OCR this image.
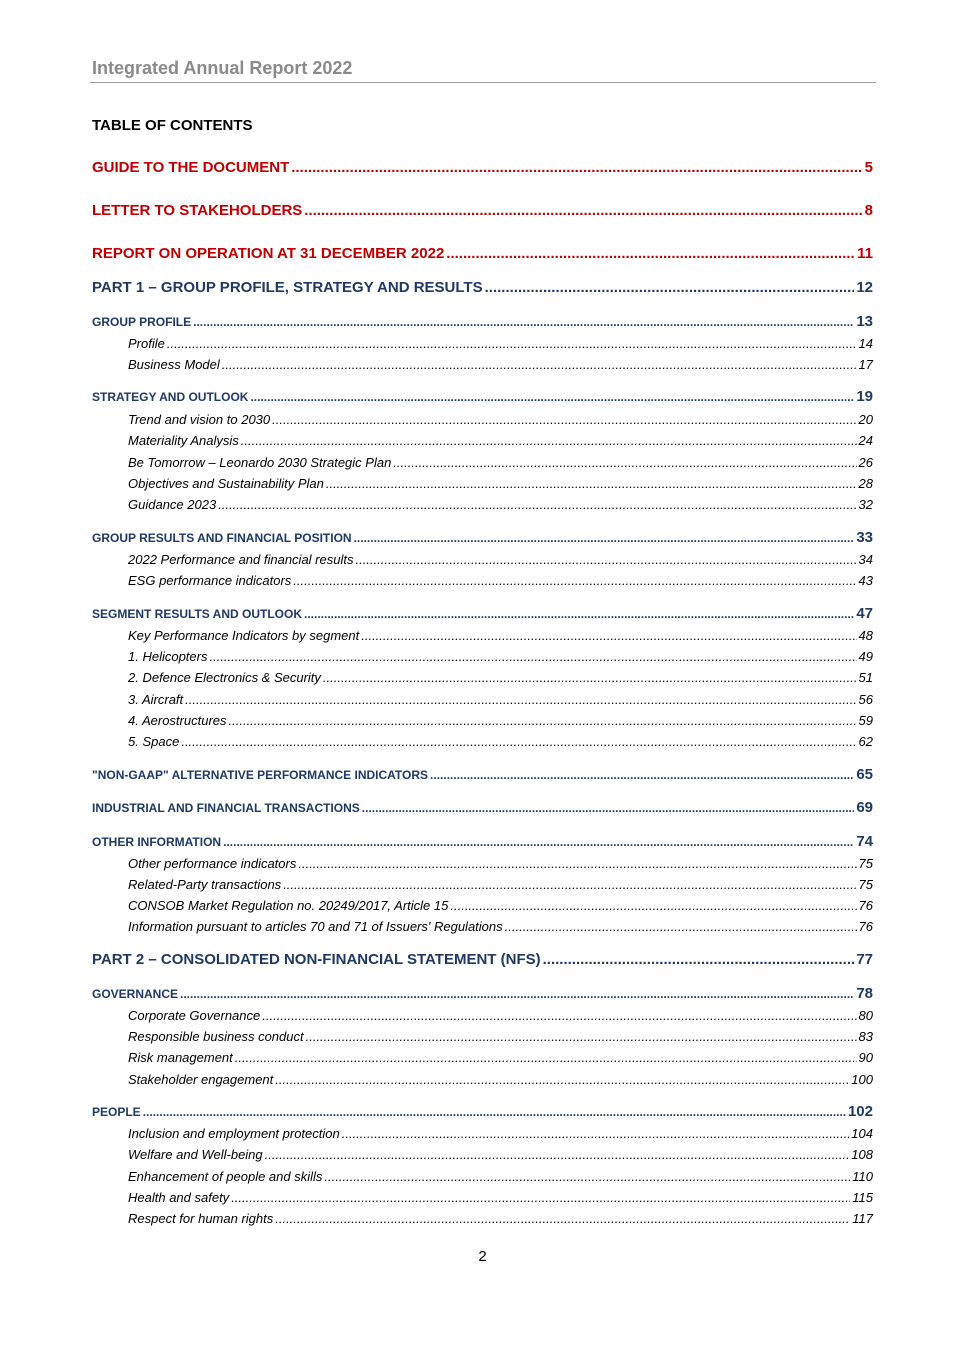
Integrated Annual Report 2022
TABLE OF CONTENTS
GUIDE TO THE DOCUMENT .....	5
LETTER TO STAKEHOLDERS .....	8
REPORT ON OPERATION AT 31 DECEMBER 2022 .....	11
PART 1 – GROUP PROFILE, STRATEGY AND RESULTS .....	12
GROUP PROFILE .....	13
Profile .....	14
Business Model .....	17
STRATEGY AND OUTLOOK .....	19
Trend and vision to 2030 .....	20
Materiality Analysis .....	24
Be Tomorrow – Leonardo 2030 Strategic Plan .....	26
Objectives and Sustainability Plan .....	28
Guidance 2023 .....	32
GROUP RESULTS AND FINANCIAL POSITION .....	33
2022 Performance and financial results .....	34
ESG performance indicators .....	43
SEGMENT RESULTS AND OUTLOOK .....	47
Key Performance Indicators by segment .....	48
1. Helicopters .....	49
2. Defence Electronics & Security .....	51
3. Aircraft .....	56
4. Aerostructures .....	59
5. Space .....	62
"NON-GAAP" ALTERNATIVE PERFORMANCE INDICATORS .....	65
INDUSTRIAL AND FINANCIAL TRANSACTIONS .....	69
OTHER INFORMATION .....	74
Other performance indicators .....	75
Related-Party transactions .....	75
CONSOB Market Regulation no. 20249/2017, Article 15 .....	76
Information pursuant to articles 70 and 71 of Issuers' Regulations .....	76
PART 2 – CONSOLIDATED NON-FINANCIAL STATEMENT (NFS) .....	77
GOVERNANCE .....	78
Corporate Governance .....	80
Responsible business conduct .....	83
Risk management .....	90
Stakeholder engagement .....	100
PEOPLE .....	102
Inclusion and employment protection .....	104
Welfare and Well-being .....	108
Enhancement of people and skills .....	110
Health and safety .....	115
Respect for human rights .....	117
2
